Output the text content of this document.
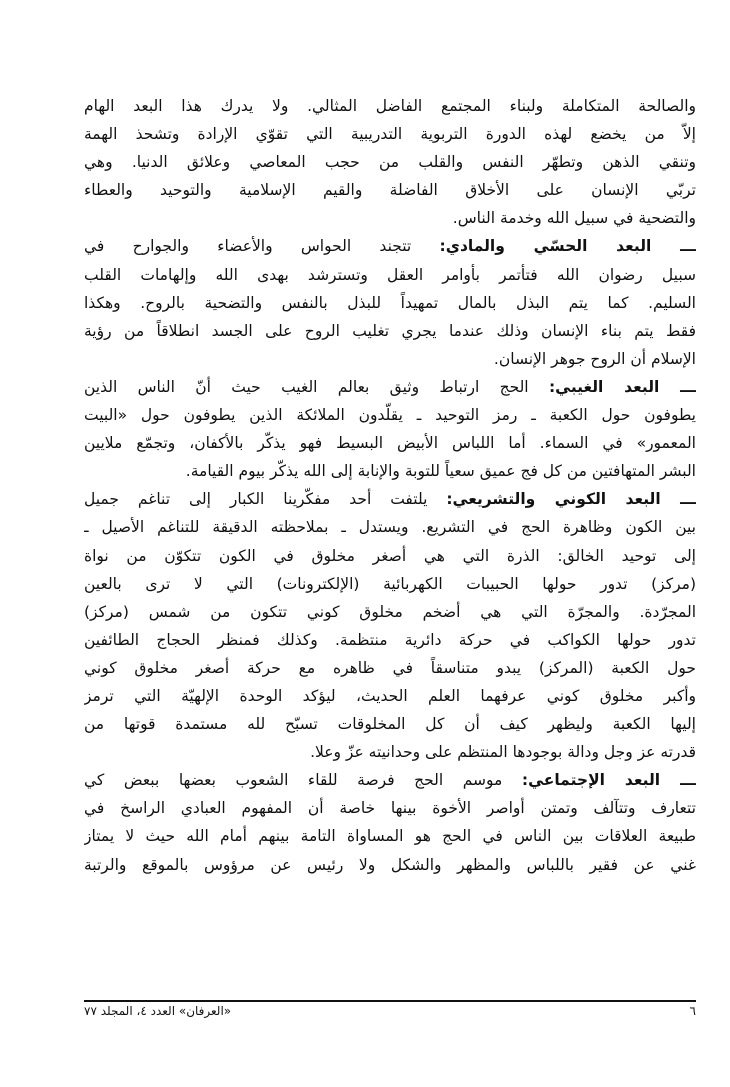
والصالحة المتكاملة ولبناء المجتمع الفاضل المثالي. ولا يدرك هذا البعد الهام
إلاّ من يخضع لهذه الدورة التربوية التدريبية التي تقوّي الإرادة وتشحذ الهمة
وتنقي الذهن وتطهّر النفس والقلب من حجب المعاصي وعلائق الدنيا. وهي
تربّي الإنسان على الأخلاق الفاضلة والقيم الإسلامية والتوحيد والعطاء
والتضحية في سبيل الله وخدمة الناس.
ـــ البعد الحسّي والمادي: تتجند الحواس والأعضاء والجوارح في
سبيل رضوان الله فتأتمر بأوامر العقل وتسترشد بهدى الله وإلهامات القلب
السليم. كما يتم البذل بالمال تمهيداً للبذل بالنفس والتضحية بالروح. وهكذا
فقط يتم بناء الإنسان وذلك عندما يجري تغليب الروح على الجسد انطلاقاً من رؤية
الإسلام أن الروح جوهر الإنسان.
ـــ البعد الغيبي: الحج ارتباط وثيق بعالم الغيب حيث أنّ الناس الذين
يطوفون حول الكعبة ـ رمز التوحيد ـ يقلّدون الملائكة الذين يطوفون حول «البيت
المعمور» في السماء. أما اللباس الأبيض البسيط فهو يذكّر بالأكفان، وتجمّع ملايين
البشر المتهافتين من كل فج عميق سعياً للتوبة والإنابة إلى الله يذكّر بيوم القيامة.
ـــ البعد الكوني والتشريعي: يلتفت أحد مفكّرينا الكبار إلى تناغم جميل
بين الكون وظاهرة الحج في التشريع. ويستدل ـ بملاحظته الدقيقة للتناغم الأصيل ـ
إلى توحيد الخالق: الذرة التي هي أصغر مخلوق في الكون تتكوّن من نواة
(مركز) تدور حولها الحبيبات الكهربائية (الإلكترونات) التي لا ترى بالعين
المجرّدة. والمجرّة التي هي أضخم مخلوق كوني تتكون من شمس (مركز)
تدور حولها الكواكب في حركة دائرية منتظمة. وكذلك فمنظر الحجاج الطائفين
حول الكعبة (المركز) يبدو متناسقاً في ظاهره مع حركة أصغر مخلوق كوني
وأكبر مخلوق كوني عرفهما العلم الحديث، ليؤكد الوحدة الإلهيّة التي ترمز
إليها الكعبة وليظهر كيف أن كل المخلوقات تسبّح لله مستمدة قوتها من
قدرته عز وجل ودالة بوجودها المنتظم على وحدانيته عزّ وعلا.
ـــ البعد الإجتماعي: موسم الحج فرصة للقاء الشعوب بعضها ببعض كي
تتعارف وتتآلف وتمتن أواصر الأخوة بينها خاصة أن المفهوم العبادي الراسخ في
طبيعة العلاقات بين الناس في الحج هو المساواة التامة بينهم أمام الله حيث لا يمتاز
غني عن فقير باللباس والمظهر والشكل ولا رئيس عن مرؤوس بالموقع والرتبة
٦
«العرفان» العدد ٤، المجلد ٧٧
